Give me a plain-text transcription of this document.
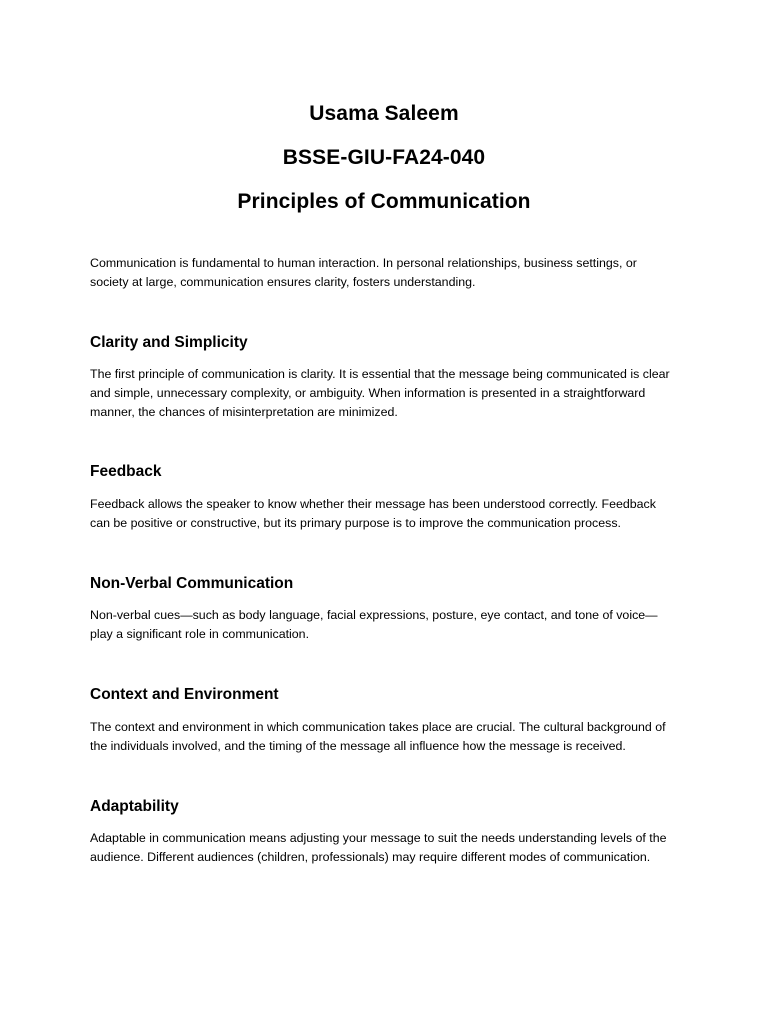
Usama Saleem

BSSE-GIU-FA24-040

Principles of Communication

Communication is fundamental to human interaction. In personal relationships, business settings, or society at large, communication ensures clarity, fosters understanding.

Clarity and Simplicity

The first principle of communication is clarity. It is essential that the message being communicated is clear and simple, unnecessary complexity, or ambiguity. When information is presented in a straightforward manner, the chances of misinterpretation are minimized.

Feedback

Feedback allows the speaker to know whether their message has been understood correctly. Feedback can be positive or constructive, but its primary purpose is to improve the communication process.

Non-Verbal Communication

Non-verbal cues—such as body language, facial expressions, posture, eye contact, and tone of voice—play a significant role in communication.

Context and Environment

The context and environment in which communication takes place are crucial. The cultural background of the individuals involved, and the timing of the message all influence how the message is received.

Adaptability

Adaptable in communication means adjusting your message to suit the needs understanding levels of the audience. Different audiences (children, professionals) may require different modes of communication.
